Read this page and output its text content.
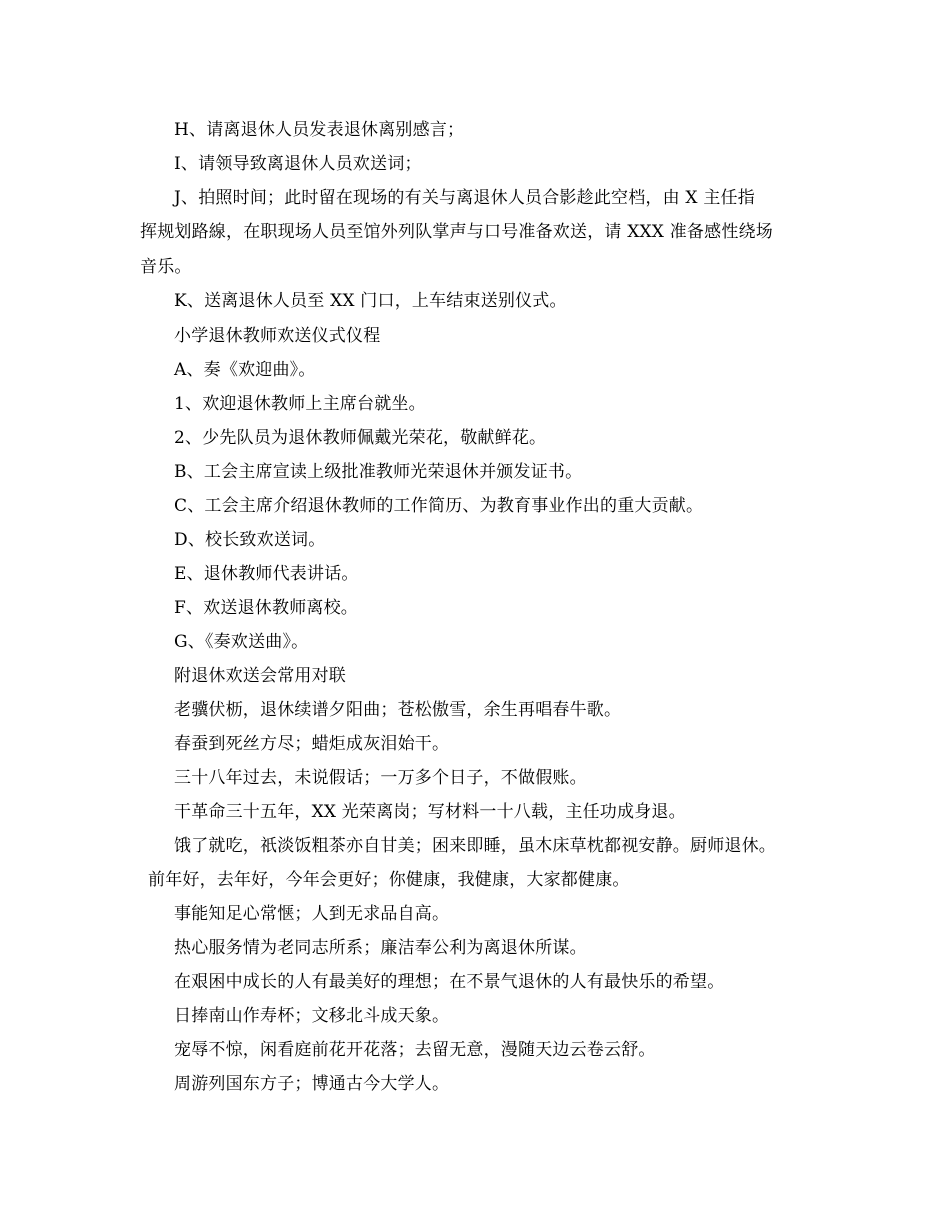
H、请离退休人员发表退休离别感言；
I、请领导致离退休人员欢送词；
J、拍照时间；此时留在现场的有关与离退休人员合影趁此空档，由 X 主任指
挥规划路線，在职现场人员至馆外列队掌声与口号准备欢送，请 XXX 准备感性绕场
音乐。
K、送离退休人员至 XX 门口，上车结束送别仪式。
小学退休教师欢送仪式仪程
A、奏《欢迎曲》。
1、欢迎退休教师上主席台就坐。
2、少先队员为退休教师佩戴光荣花，敬献鲜花。
B、工会主席宣读上级批准教师光荣退休并颁发证书。
C、工会主席介绍退休教师的工作简历、为教育事业作出的重大贡献。
D、校长致欢送词。
E、退休教师代表讲话。
F、欢送退休教师离校。
G、《奏欢送曲》。
附退休欢送会常用对联
老骥伏枥，退休续谱夕阳曲；苍松傲雪，余生再唱春牛歌。
春蚕到死丝方尽；蜡炬成灰泪始干。
三十八年过去，未说假话；一万多个日子，不做假账。
干革命三十五年，XX 光荣离岗；写材料一十八载，主任功成身退。
饿了就吃，祇淡饭粗茶亦自甘美；困来即睡，虽木床草枕都视安静。厨师退休。
前年好，去年好，今年会更好；你健康，我健康，大家都健康。
事能知足心常惬；人到无求品自高。
热心服务情为老同志所系；廉洁奉公利为离退休所谋。
在艰困中成长的人有最美好的理想；在不景气退休的人有最快乐的希望。
日捧南山作寿杯；文移北斗成天象。
宠辱不惊，闲看庭前花开花落；去留无意，漫随天边云卷云舒。
周游列国东方子；博通古今大学人。
